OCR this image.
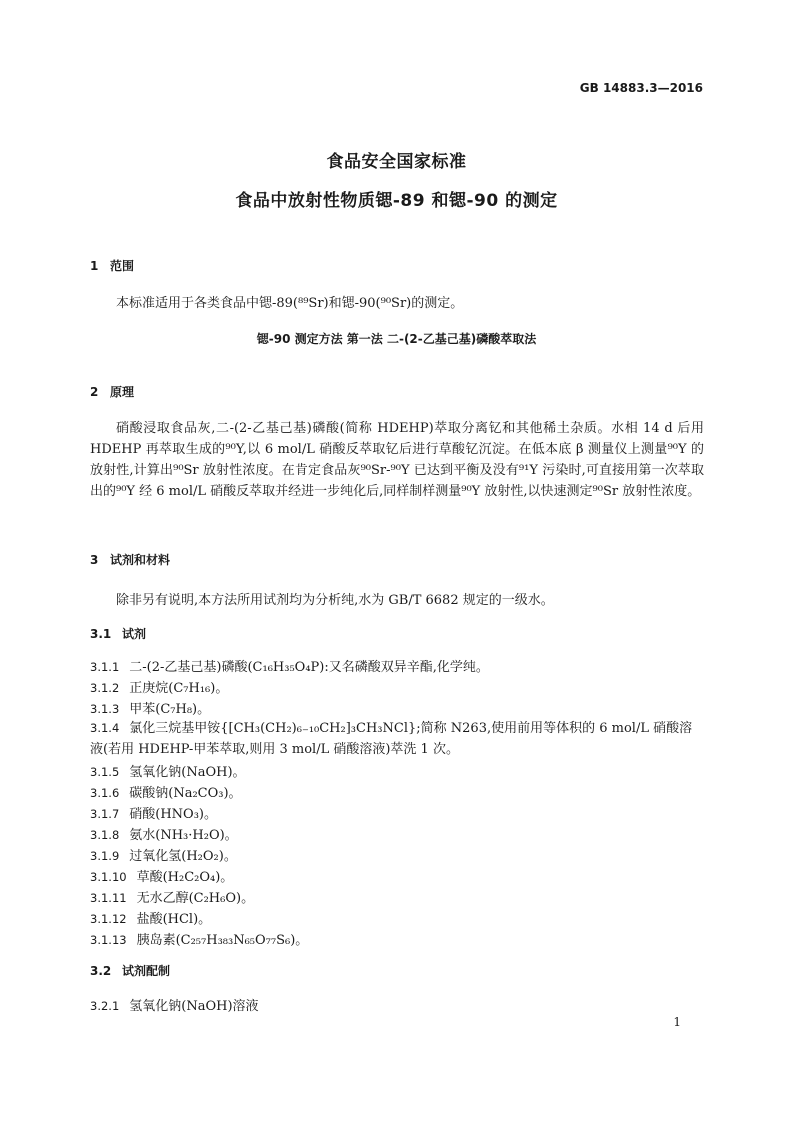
GB 14883.3—2016
食品安全国家标准
食品中放射性物质锶-89 和锶-90 的测定
1 范围

本标准适用于各类食品中锶-89(⁸⁹Sr)和锶-90(⁹⁰Sr)的测定。

锶-90 测定方法 第一法 二-(2-乙基己基)磷酸萃取法
2 原理

硝酸浸取食品灰,二-(2-乙基己基)磷酸(简称 HDEHP)萃取分离钇和其他稀土杂质。水相 14 d 后用 HDEHP 再萃取生成的⁹⁰Y,以 6 mol/L 硝酸反萃取钇后进行草酸钇沉淀。在低本底 β 测量仪上测量⁹⁰Y 的放射性,计算出⁹⁰Sr 放射性浓度。在肯定食品灰⁹⁰Sr-⁹⁰Y 已达到平衡及没有⁹¹Y 污染时,可直接用第一次萃取出的⁹⁰Y 经 6 mol/L 硝酸反萃取并经进一步纯化后,同样制样测量⁹⁰Y 放射性,以快速测定⁹⁰Sr 放射性浓度。

3 试剂和材料

除非另有说明,本方法所用试剂均为分析纯,水为 GB/T 6682 规定的一级水。

3.1 试剂
3.1.1 二-(2-乙基己基)磷酸(C₁₆H₃₅O₄P):又名磷酸双异辛酯,化学纯。
3.1.2 正庚烷(C₇H₁₆)。
3.1.3 甲苯(C₇H₈)。
3.1.4 氯化三烷基甲铵{[CH₃(CH₂)₆₋₁₀CH₂]₃CH₃NCl};简称 N263,使用前用等体积的 6 mol/L 硝酸溶液(若用 HDEHP-甲苯萃取,则用 3 mol/L 硝酸溶液)萃洗 1 次。
3.1.5 氢氧化钠(NaOH)。
3.1.6 碳酸钠(Na₂CO₃)。
3.1.7 硝酸(HNO₃)。
3.1.8 氨水(NH₃·H₂O)。
3.1.9 过氧化氢(H₂O₂)。
3.1.10 草酸(H₂C₂O₄)。
3.1.11 无水乙醇(C₂H₆O)。
3.1.12 盐酸(HCl)。
3.1.13 胰岛素(C₂₅₇H₃₈₃N₆₅O₇₇S₆)。
3.2 试剂配制
3.2.1 氢氧化钠(NaOH)溶液
1
